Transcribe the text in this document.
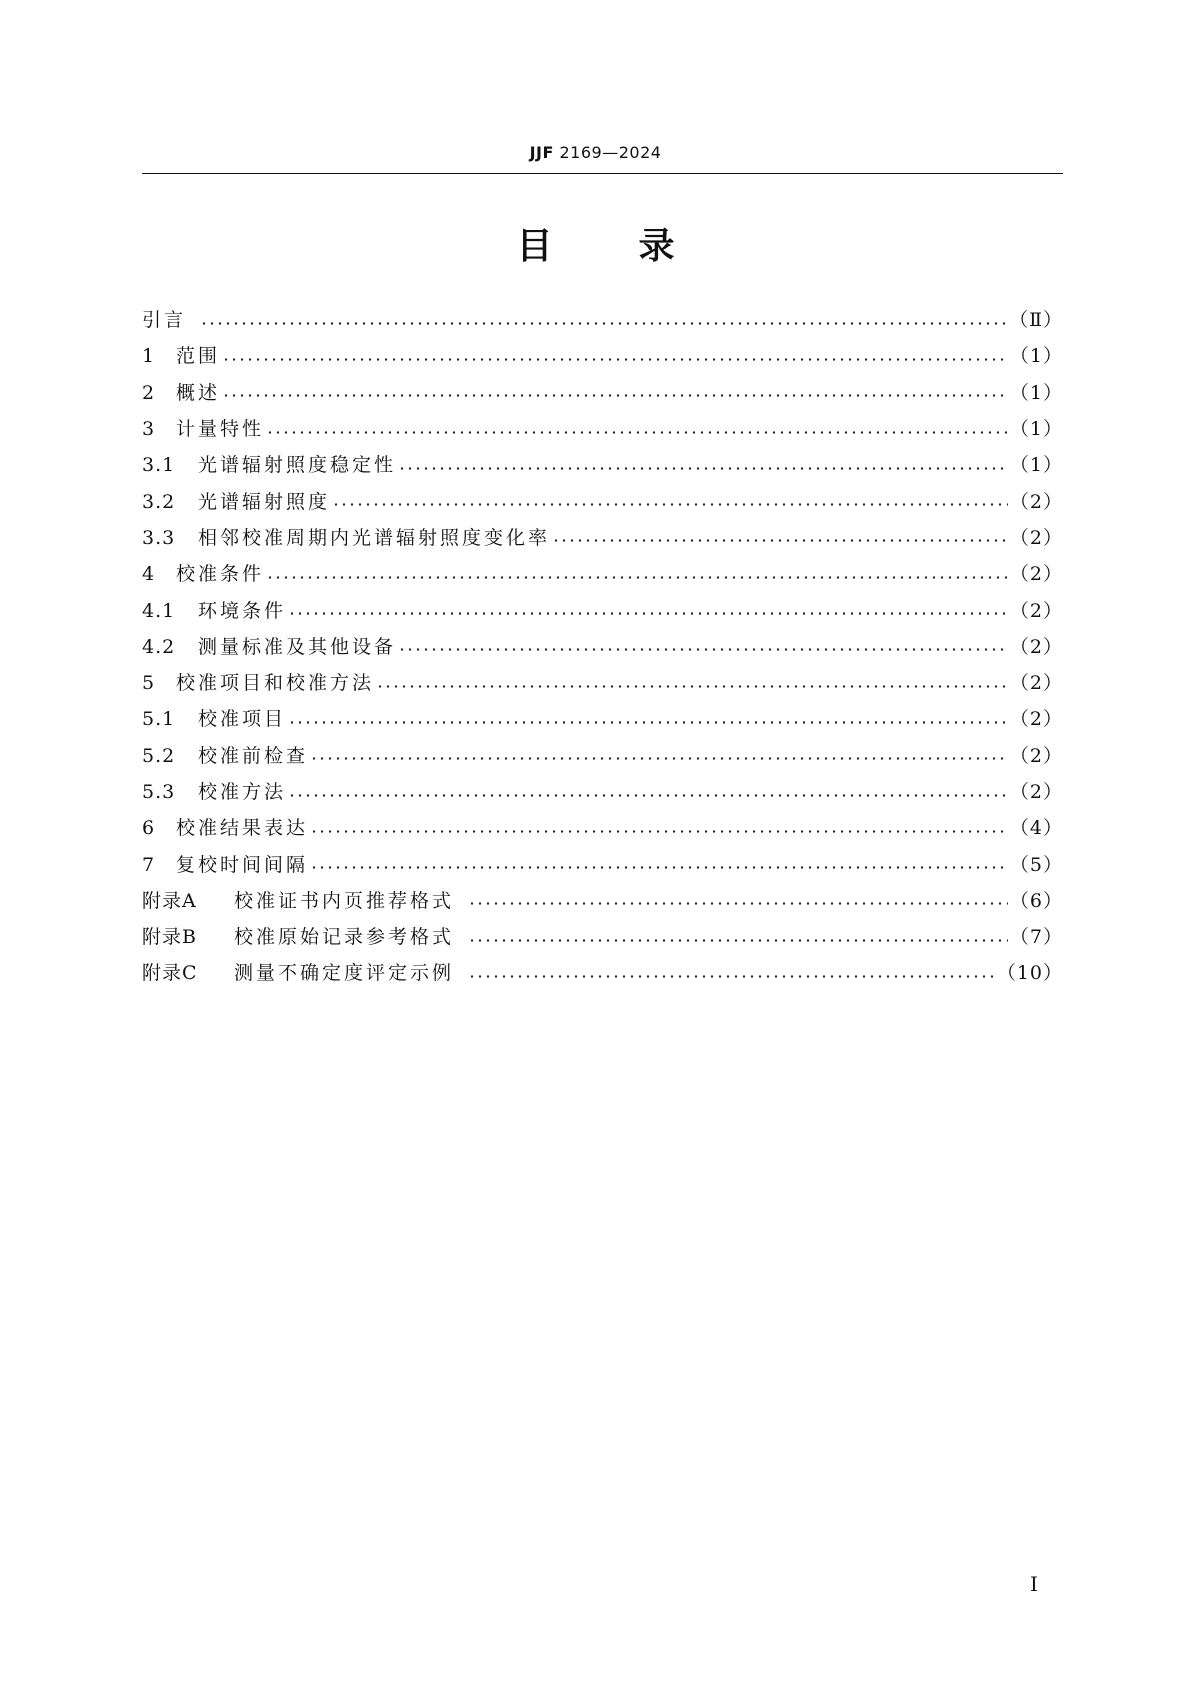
JJF 2169—2024
目 录
引言	（Ⅱ）
1	范围	（1）
2	概述	（1）
3	计量特性	（1）
3.1	光谱辐射照度稳定性	（1）
3.2	光谱辐射照度	（2）
3.3	相邻校准周期内光谱辐射照度变化率	（2）
4	校准条件	（2）
4.1	环境条件	（2）
4.2	测量标准及其他设备	（2）
5	校准项目和校准方法	（2）
5.1	校准项目	（2）
5.2	校准前检查	（2）
5.3	校准方法	（2）
6	校准结果表达	（4）
7	复校时间间隔	（5）
附录A	校准证书内页推荐格式	（6）
附录B	校准原始记录参考格式	（7）
附录C	测量不确定度评定示例	（10）
Ⅰ
